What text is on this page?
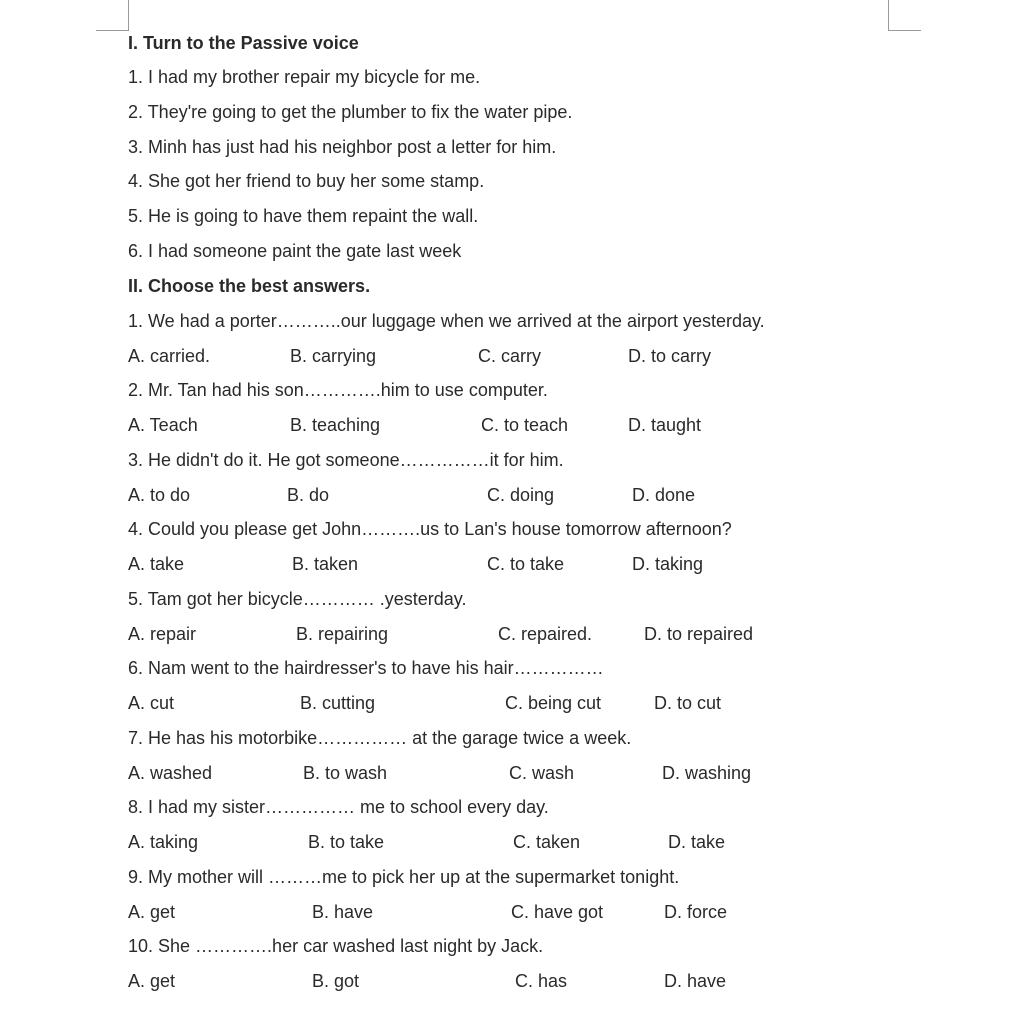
I. Turn to the Passive voice
1. I had my brother repair my bicycle for me.
2. They're going to get the plumber to fix the water pipe.
3. Minh has just had his neighbor post a letter for him.
4. She got her friend to buy her some stamp.
5. He is going to have them repaint the wall.
6. I had someone paint the gate last week
II. Choose the best answers.
1. We had a porter………..our luggage when we arrived at the airport yesterday.
A. carried.	B. carrying	C. carry	D. to carry
2. Mr. Tan had his son………….him to use computer.
A. Teach	B. teaching	C. to teach	D. taught
3. He didn't do it. He got someone……………it for him.
A. to do	B. do	C. doing	D. done
4. Could you please get John……….us to Lan's house tomorrow afternoon?
A. take	B. taken	C. to take	D. taking
5. Tam got her bicycle………… .yesterday.
A. repair	B. repairing	C. repaired.	D. to repaired
6. Nam went to the hairdresser's to have his hair……………
A. cut	B. cutting	C. being cut	D. to cut
7. He has his motorbike…………… at the garage twice a week.
A. washed	B. to wash	C. wash	D. washing
8. I had my sister…………… me to school every day.
A. taking	B. to take	C. taken	D. take
9. My mother will ………me to pick her up at the supermarket tonight.
A. get	B. have	C. have got	D. force
10. She ………….her car washed last night by Jack.
A. get	B. got	C. has	D. have
